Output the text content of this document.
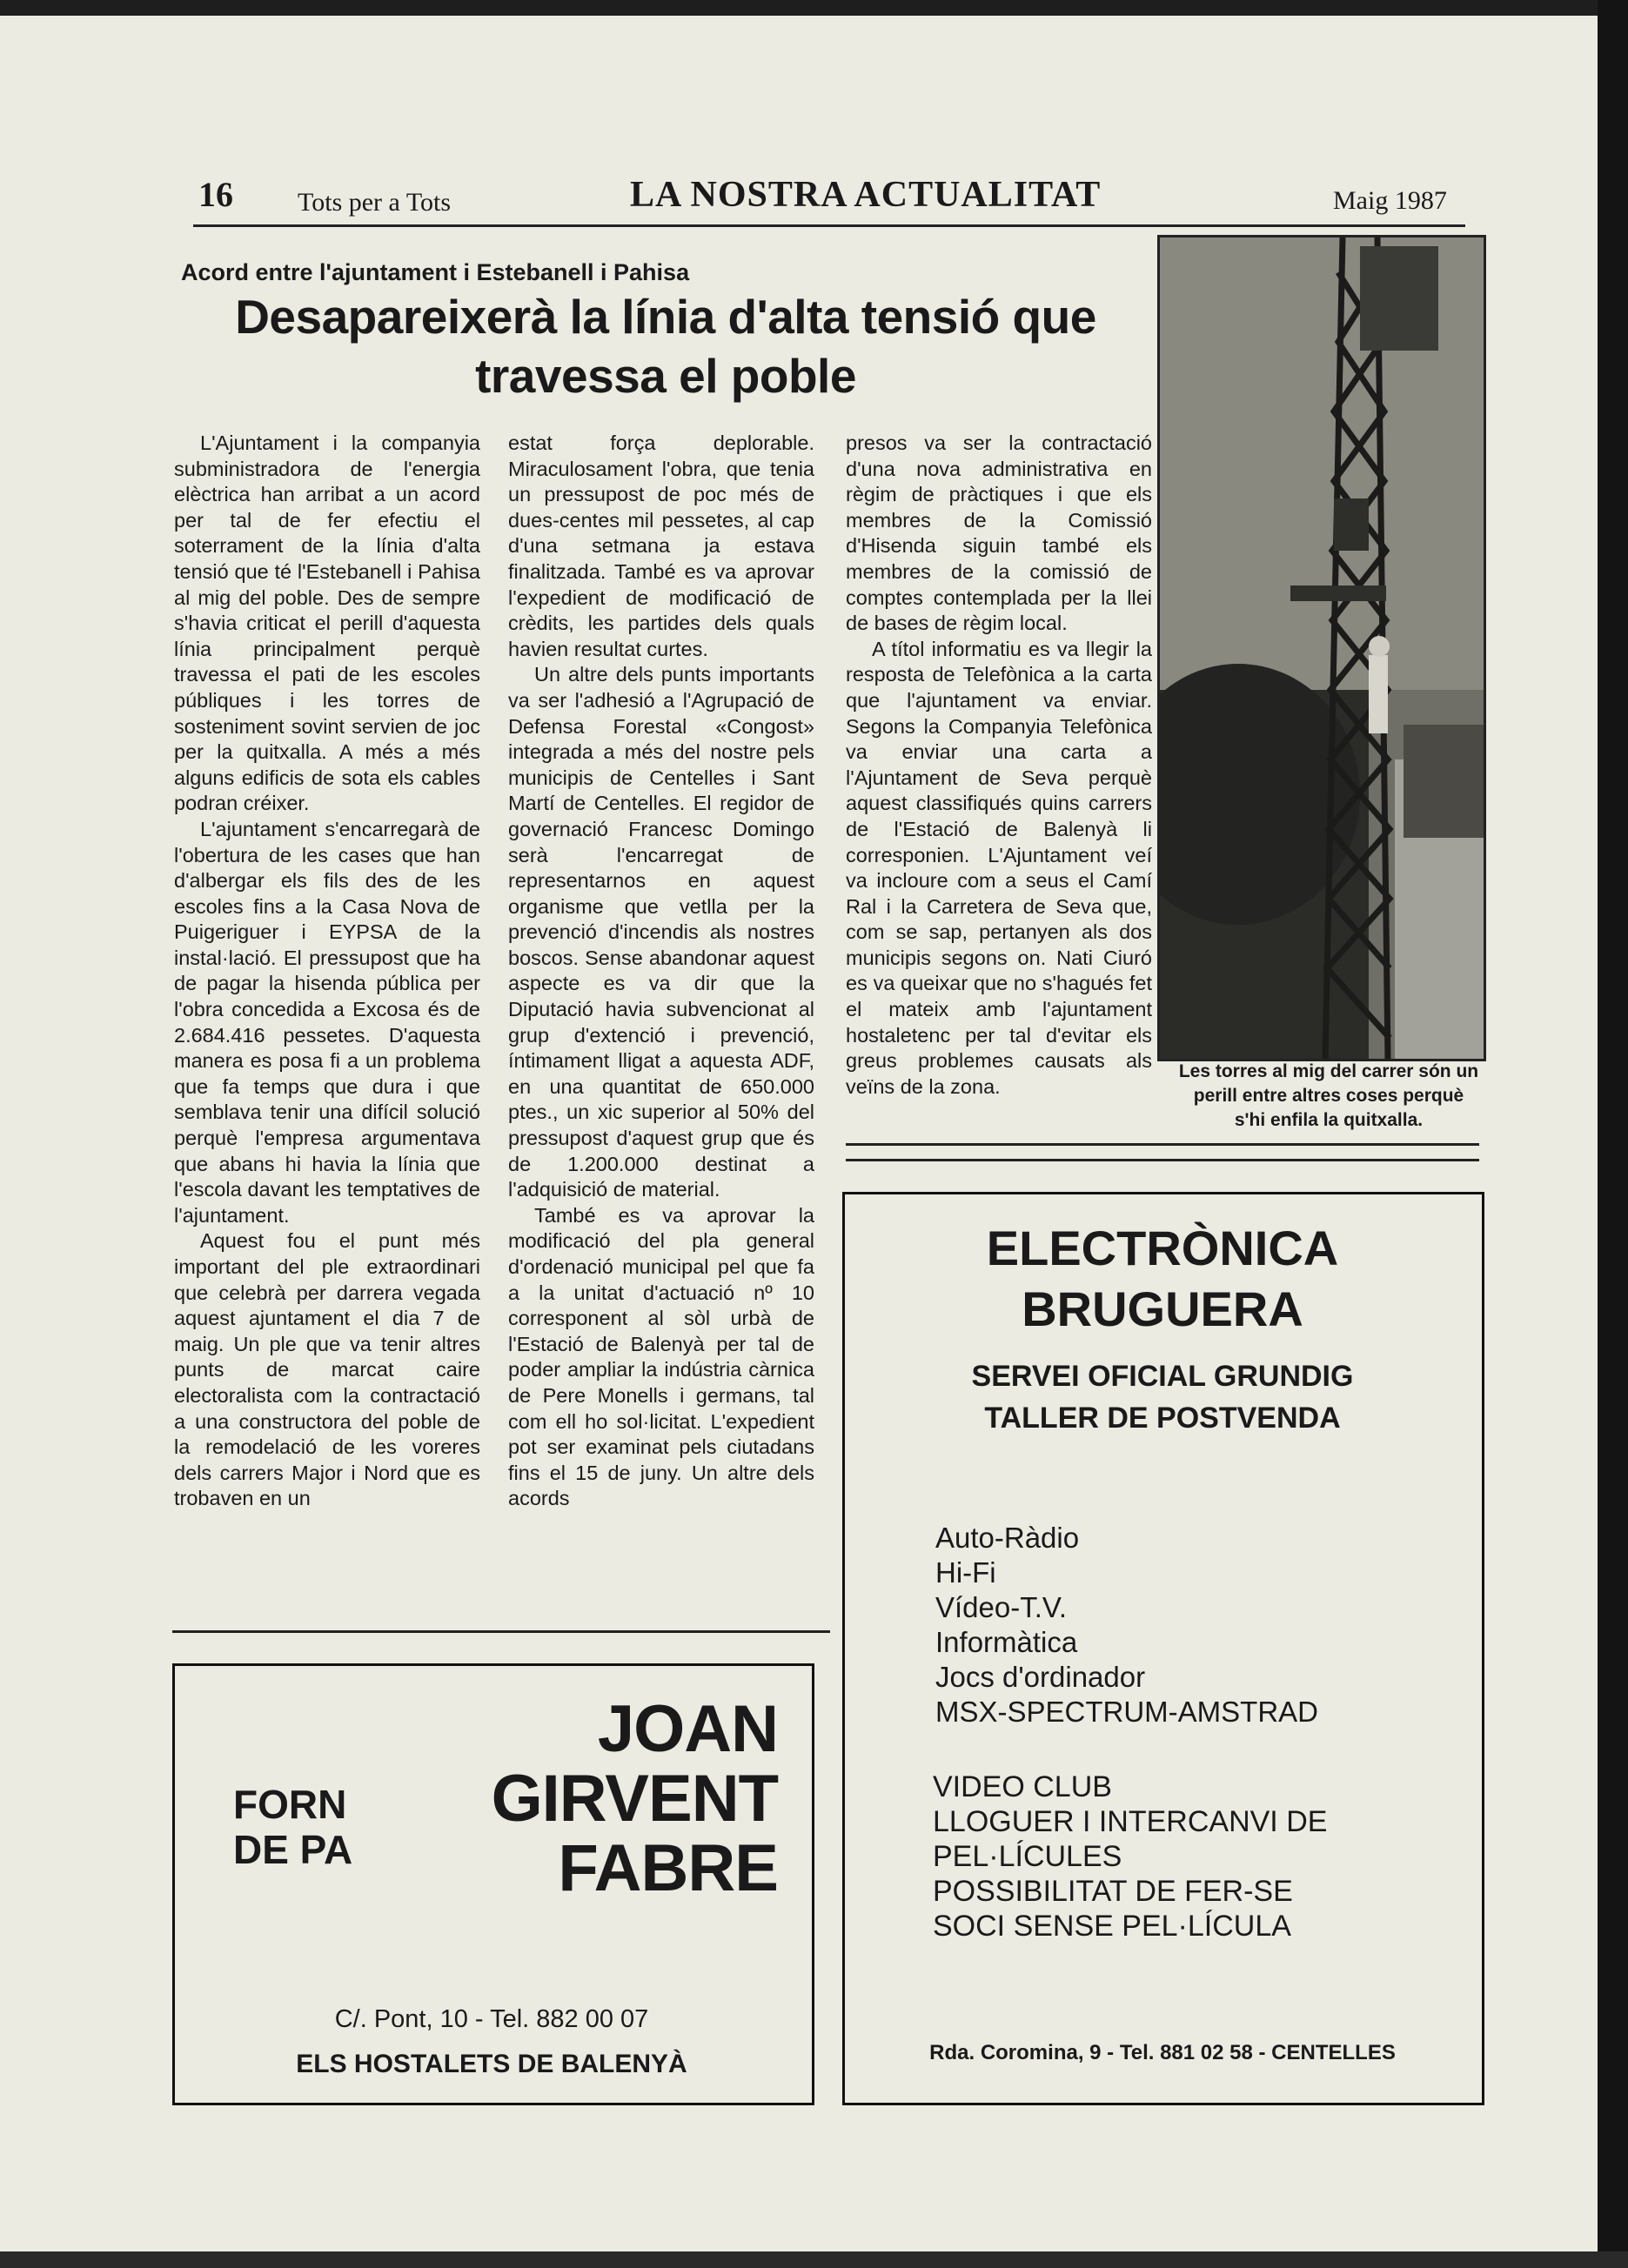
16 Tots per a Tots	LA NOSTRA ACTUALITAT	Maig 1987
Acord entre l'ajuntament i Estebanell i Pahisa
Desapareixerà la línia d'alta tensió que travessa el poble

L'Ajuntament i la companyia subministradora de l'energia elèctrica han arribat a un acord per tal de fer efectiu el soterrament de la línia d'alta tensió que té l'Estebanell i Pahisa al mig del poble. Des de sempre s'havia criticat el perill d'aquesta línia principalment perquè travessa el pati de les escoles públiques i les torres de sosteniment sovint servien de joc per la quitxalla. A més a més alguns edificis de sota els cables podran créixer.

L'ajuntament s'encarregarà de l'obertura de les cases que han d'albergar els fils des de les escoles fins a la Casa Nova de Puigeriguer i EYPSA de la instal·lació. El pressupost que ha de pagar la hisenda pública per l'obra concedida a Excosa és de 2.684.416 pessetes. D'aquesta manera es posa fi a un problema que fa temps que dura i que semblava tenir una difícil solució perquè l'empresa argumentava que abans hi havia la línia que l'escola davant les temptatives de l'ajuntament.

Aquest fou el punt més important del ple extraordinari que celebrà per darrera vegada aquest ajuntament el dia 7 de maig. Un ple que va tenir altres punts de marcat caire electoralista com la contractació a una constructora del poble de la remodelació de les voreres dels carrers Major i Nord que es trobaven en un

estat força deplorable. Miraculosament l'obra, que tenia un pressupost de poc més de dues-centes mil pessetes, al cap d'una setmana ja estava finalitzada. També es va aprovar l'expedient de modificació de crèdits, les partides dels quals havien resultat curtes.

Un altre dels punts importants va ser l'adhesió a l'Agrupació de Defensa Forestal «Congost» integrada a més del nostre pels municipis de Centelles i Sant Martí de Centelles. El regidor de governació Francesc Domingo serà l'encarregat de representarnos en aquest organisme que vetlla per la prevenció d'incendis als nostres boscos. Sense abandonar aquest aspecte es va dir que la Diputació havia subvencionat al grup d'extenció i prevenció, íntimament lligat a aquesta ADF, en una quantitat de 650.000 ptes., un xic superior al 50% del pressupost d'aquest grup que és de 1.200.000 destinat a l'adquisició de material.

També es va aprovar la modificació del pla general d'ordenació municipal pel que fa a la unitat d'actuació nº 10 corresponent al sòl urbà de l'Estació de Balenyà per tal de poder ampliar la indústria càrnica de Pere Monells i germans, tal com ell ho sol·licitat. L'expedient pot ser examinat pels ciutadans fins el 15 de juny. Un altre dels acords

presos va ser la contractació d'una nova administrativa en règim de pràctiques i que els membres de la Comissió d'Hisenda siguin també els membres de la comissió de comptes contemplada per la llei de bases de règim local.

A títol informatiu es va llegir la resposta de Telefònica a la carta que l'ajuntament va enviar. Segons la Companyia Telefònica va enviar una carta a l'Ajuntament de Seva perquè aquest classifiqués quins carrers de l'Estació de Balenyà li corresponien. L'Ajuntament veí va incloure com a seus el Camí Ral i la Carretera de Seva que, com se sap, pertanyen als dos municipis segons on. Nati Ciuró es va queixar que no s'hagués fet el mateix amb l'ajuntament hostaletenc per tal d'evitar els greus problemes causats als veïns de la zona.

Les torres al mig del carrer són un perill entre altres coses perquè s'hi enfila la quitxalla.
FORN
DE PA
JOAN
GIRVENT
FABRE
C/. Pont, 10 - Tel. 882 00 07
ELS HOSTALETS DE BALENYÀ
ELECTRÒNICA
BRUGUERA
SERVEI OFICIAL GRUNDIG
TALLER DE POSTVENDA
Auto-Ràdio
Hi-Fi
Vídeo-T.V.
Informàtica
Jocs d'ordinador
MSX-SPECTRUM-AMSTRAD
VIDEO CLUB
LLOGUER I INTERCANVI DE
PEL·LÍCULES
POSSIBILITAT DE FER-SE
SOCI SENSE PEL·LÍCULA
Rda. Coromina, 9 - Tel. 881 02 58 - CENTELLES
